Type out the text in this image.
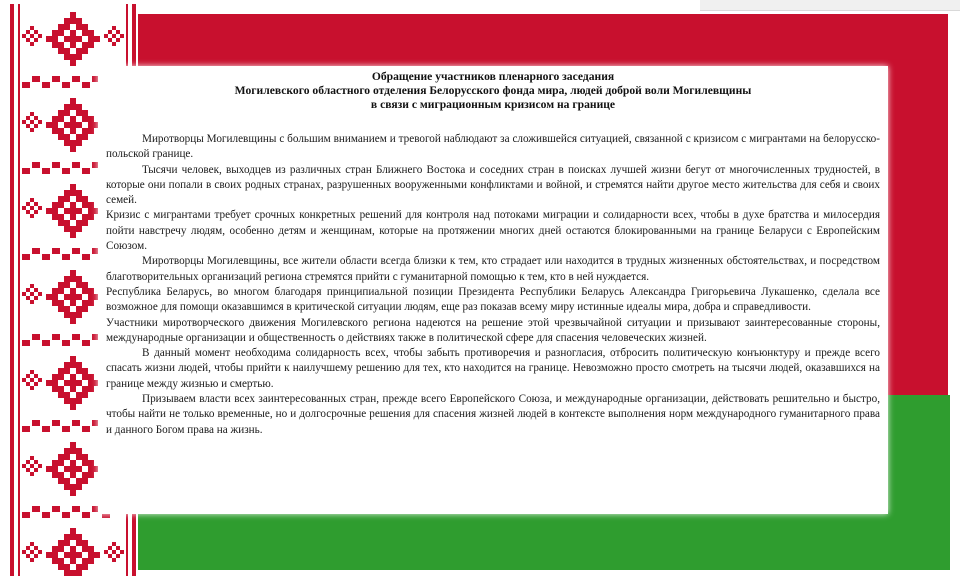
Обращение участников пленарного заседания
Могилевского областного отделения Белорусского фонда мира, людей доброй воли Могилевщины
в связи с миграционным кризисом на границе

Миротворцы Могилевщины с большим вниманием и тревогой наблюдают за сложившейся ситуацией, связанной с кризисом с мигрантами на белорусско-польской границе.

Тысячи человек, выходцев из различных стран Ближнего Востока и соседних стран в поисках лучшей жизни бегут от многочисленных трудностей, в которые они попали в своих родных странах, разрушенных вооруженными конфликтами и войной, и стремятся найти другое место жительства для себя и своих семей.

Кризис с мигрантами требует срочных конкретных решений для контроля над потоками миграции и солидарности всех, чтобы в духе братства и милосердия пойти навстречу людям, особенно детям и женщинам, которые на протяжении многих дней остаются блокированными на границе Беларуси с Европейским Союзом.

Миротворцы Могилевщины, все жители области всегда близки к тем, кто страдает или находится в трудных жизненных обстоятельствах, и посредством благотворительных организаций региона стремятся прийти с гуманитарной помощью к тем, кто в ней нуждается.

Республика Беларусь, во многом благодаря принципиальной позиции Президента Республики Беларусь Александра Григорьевича Лукашенко, сделала все возможное для помощи оказавшимся в критической ситуации людям, еще раз показав всему миру истинные идеалы мира, добра и справедливости.

Участники миротворческого движения Могилевского региона надеются на решение этой чрезвычайной ситуации и призывают заинтересованные стороны, международные организации и общественность о действиях также в политической сфере для спасения человеческих жизней.

В данный момент необходима солидарность всех, чтобы забыть противоречия и разногласия, отбросить политическую конъюнктуру и прежде всего спасать жизни людей, чтобы прийти к наилучшему решению для тех, кто находится на границе. Невозможно просто смотреть на тысячи людей, оказавшихся на границе между жизнью и смертью.

Призываем власти всех заинтересованных стран, прежде всего Европейского Союза, и международные организации, действовать решительно и быстро, чтобы найти не только временные, но и долгосрочные решения для спасения жизней людей в контексте выполнения норм международного гуманитарного права и данного Богом права на жизнь.
